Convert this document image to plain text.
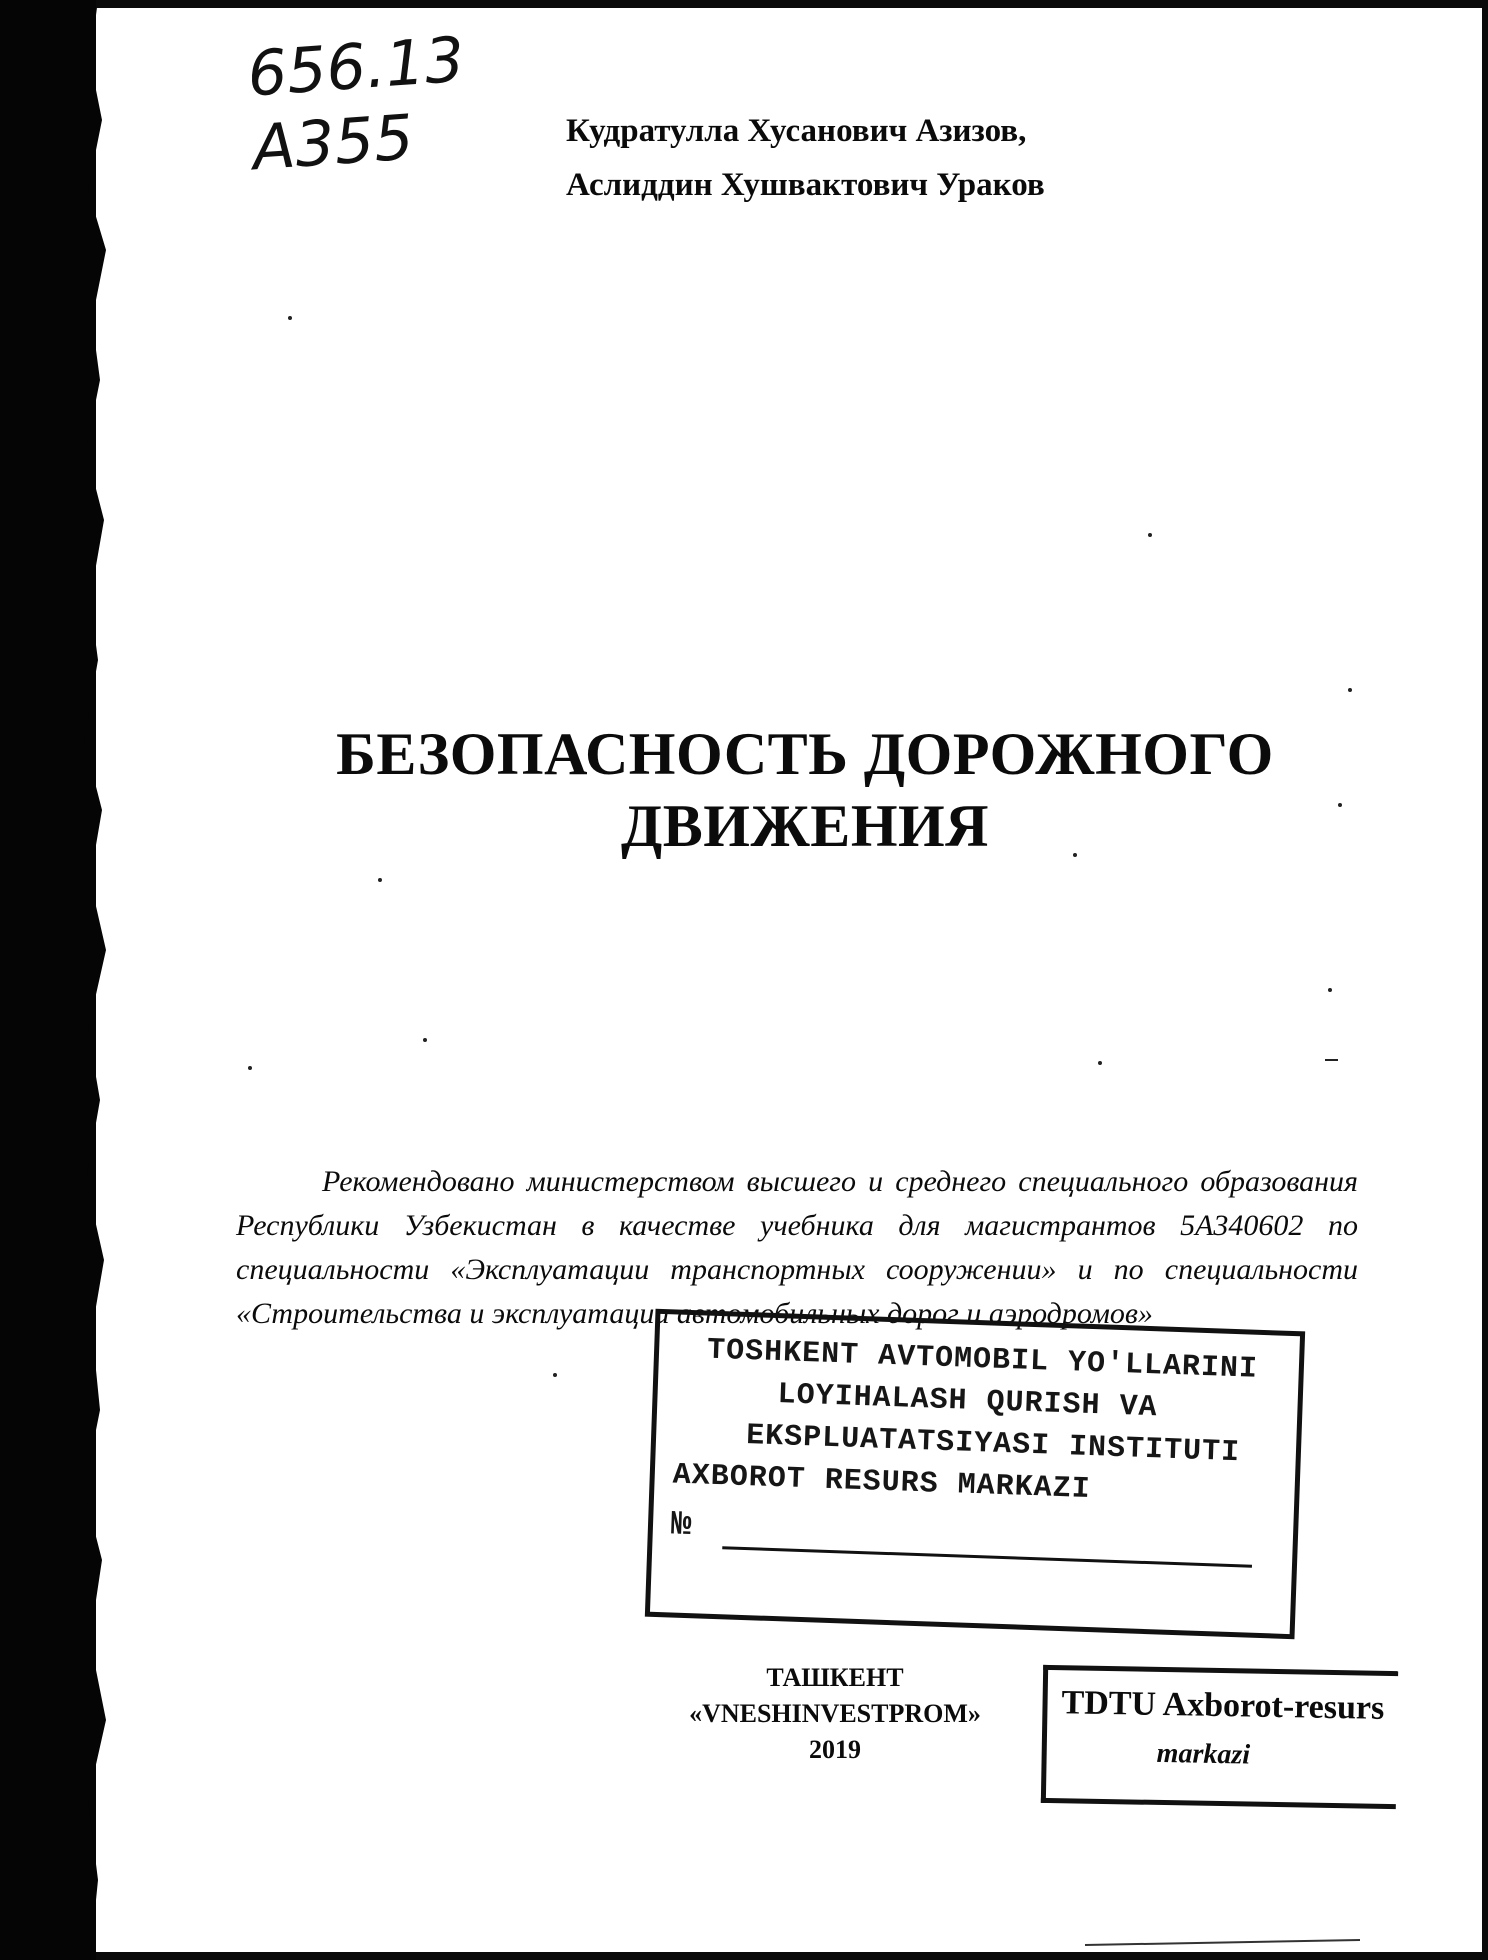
656.13
A355	Кудратулла Хусанович Азизов,
Аслиддин Хушвактович Ураков
БЕЗОПАСНОСТЬ ДОРОЖНОГО
ДВИЖЕНИЯ

Рекомендовано министерством высшего и среднего специального образования Республики Узбекистан в качестве учебника для магистрантов 5А340602 по специальности «Эксплуатации транспортных сооружении» и по специальности «Строительства и эксплуатации автомобильных дорог и аэродромов»

TOSHKENT AVTOMOBIL YO'LLARINI
LOYIHALASH QURISH VA
EKSPLUATATSIYASI INSTITUTI
AXBOROT RESURS MARKAZI
№
ТАШКЕНТ
«VNESHINVESTPROM»
2019
TDTU Axborot-resurs
markazi
